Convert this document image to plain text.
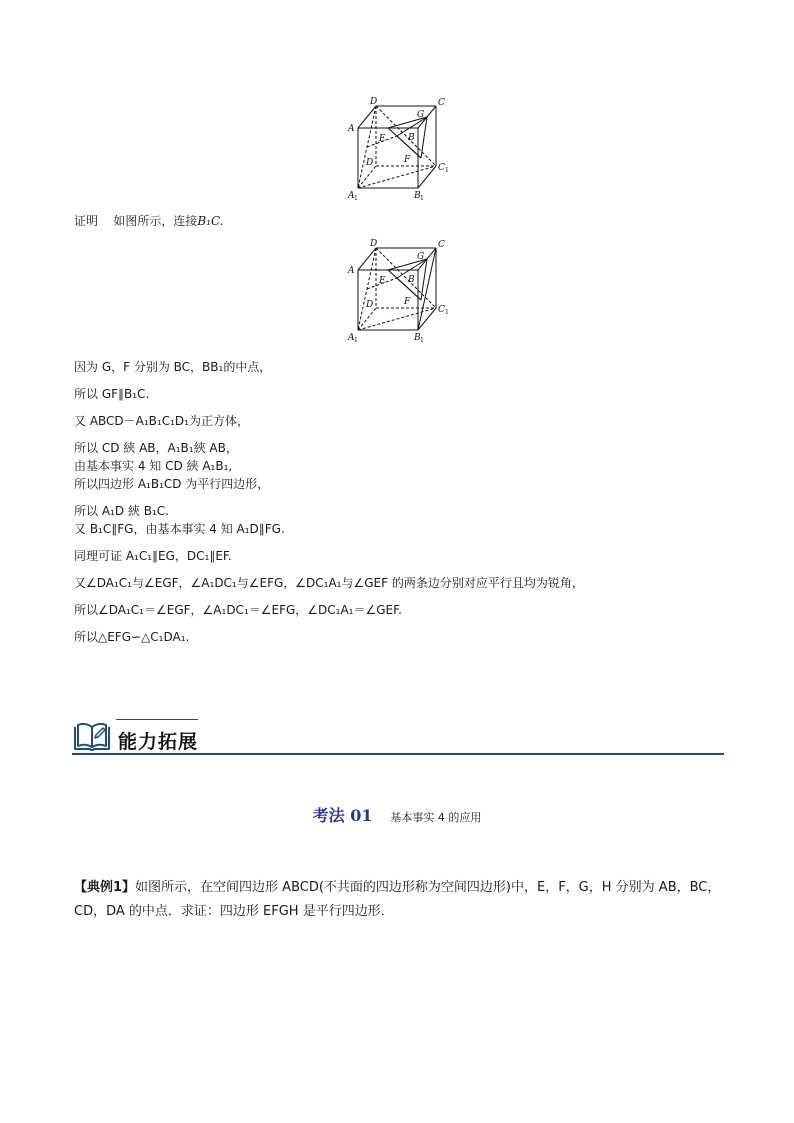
D	C
A
E
G
B
D	F
C 1
A 1	B 1
证明 如图所示，连接B₁C.
D	C
A
E
G
B
D	F
C 1
A 1	B 1
因为 G，F 分别为 BC，BB₁的中点，
所以 GF∥B₁C.
又 ABCD－A₁B₁C₁D₁为正方体，
所以 CD 綊 AB，A₁B₁綊 AB，
由基本事实 4 知 CD 綊 A₁B₁,
所以四边形 A₁B₁CD 为平行四边形，
所以 A₁D 綊 B₁C.
又 B₁C∥FG，由基本事实 4 知 A₁D∥FG.
同理可证 A₁C₁∥EG，DC₁∥EF.
又∠DA₁C₁与∠EGF，∠A₁DC₁与∠EFG，∠DC₁A₁与∠GEF 的两条边分别对应平行且均为锐角，
所以∠DA₁C₁＝∠EGF，∠A₁DC₁＝∠EFG，∠DC₁A₁＝∠GEF.
所以△EFG∽△C₁DA₁.
能力拓展
考法 01 基本事实 4 的应用
【典例1】如图所示，在空间四边形 ABCD(不共面的四边形称为空间四边形)中，E，F，G，H 分别为 AB，BC，CD，DA 的中点．求证：四边形 EFGH 是平行四边形．
